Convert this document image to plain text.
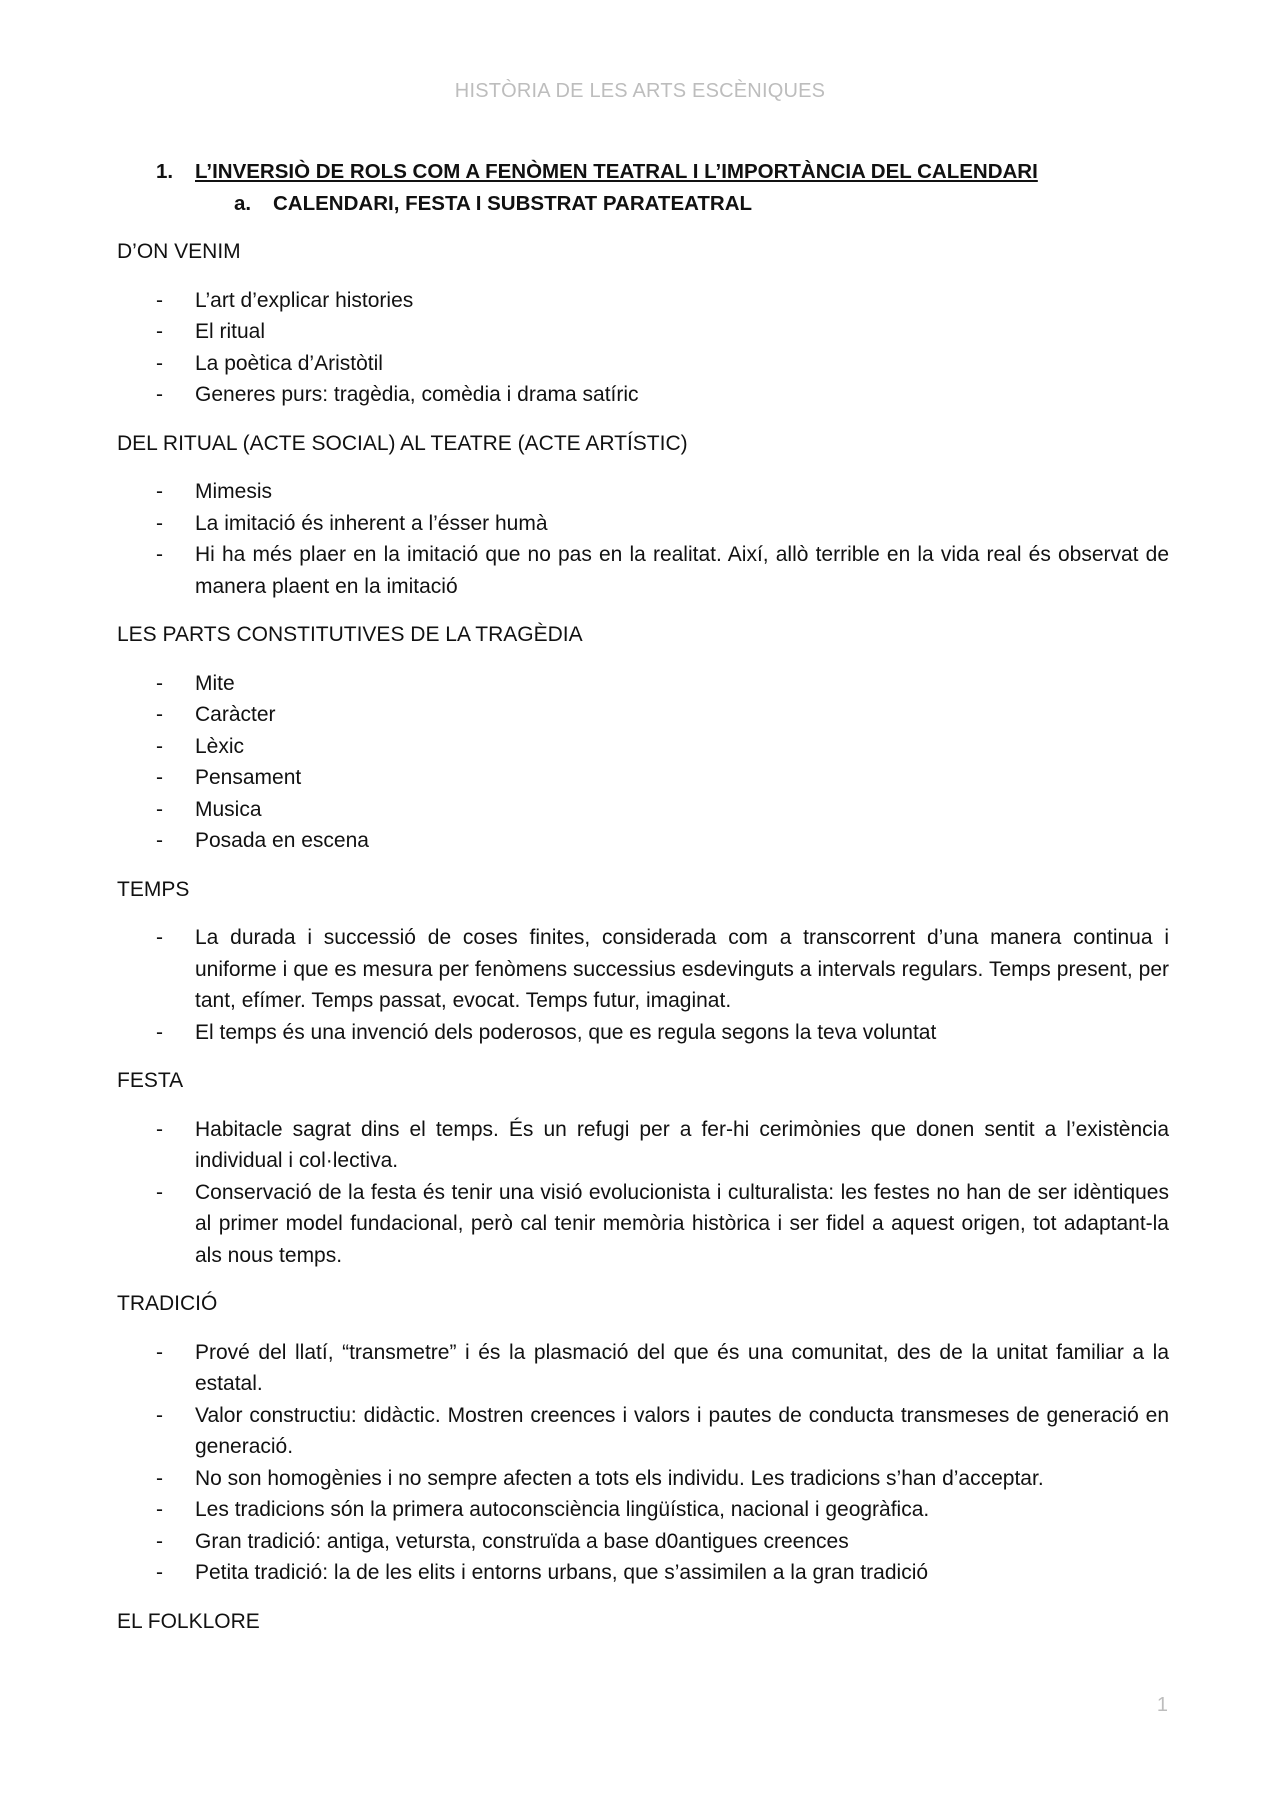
HISTÒRIA DE LES ARTS ESCÈNIQUES
1. L’INVERSIÒ DE ROLS COM A FENÒMEN TEATRAL I L’IMPORTÀNCIA DEL CALENDARI
a. CALENDARI, FESTA I SUBSTRAT PARATEATRAL
D’ON VENIM
- L’art d’explicar histories
- El ritual
- La poètica d’Aristòtil
- Generes purs: tragèdia, comèdia i drama satíric
DEL RITUAL (ACTE SOCIAL) AL TEATRE (ACTE ARTÍSTIC)
- Mimesis
- La imitació és inherent a l’ésser humà
- Hi ha més plaer en la imitació que no pas en la realitat. Així, allò terrible en la vida real és observat de manera plaent en la imitació
LES PARTS CONSTITUTIVES DE LA TRAGÈDIA
- Mite
- Caràcter
- Lèxic
- Pensament
- Musica
- Posada en escena
TEMPS
- La durada i successió de coses finites, considerada com a transcorrent d’una manera continua i uniforme i que es mesura per fenòmens successius esdevinguts a intervals regulars. Temps present, per tant, efímer. Temps passat, evocat. Temps futur, imaginat.
- El temps és una invenció dels poderosos, que es regula segons la teva voluntat
FESTA
- Habitacle sagrat dins el temps. És un refugi per a fer-hi cerimònies que donen sentit a l’existència individual i col·lectiva.
- Conservació de la festa és tenir una visió evolucionista i culturalista: les festes no han de ser idèntiques al primer model fundacional, però cal tenir memòria històrica i ser fidel a aquest origen, tot adaptant-la als nous temps.
TRADICIÓ
- Prové del llatí, “transmetre” i és la plasmació del que és una comunitat, des de la unitat familiar a la estatal.
- Valor constructiu: didàctic. Mostren creences i valors i pautes de conducta transmeses de generació en generació.
- No son homogènies i no sempre afecten a tots els individu. Les tradicions s’han d’acceptar.
- Les tradicions són la primera autoconsciència lingüística, nacional i geogràfica.
- Gran tradició: antiga, vetursta, construïda a base d0antigues creences
- Petita tradició: la de les elits i entorns urbans, que s’assimilen a la gran tradició
EL FOLKLORE
1
